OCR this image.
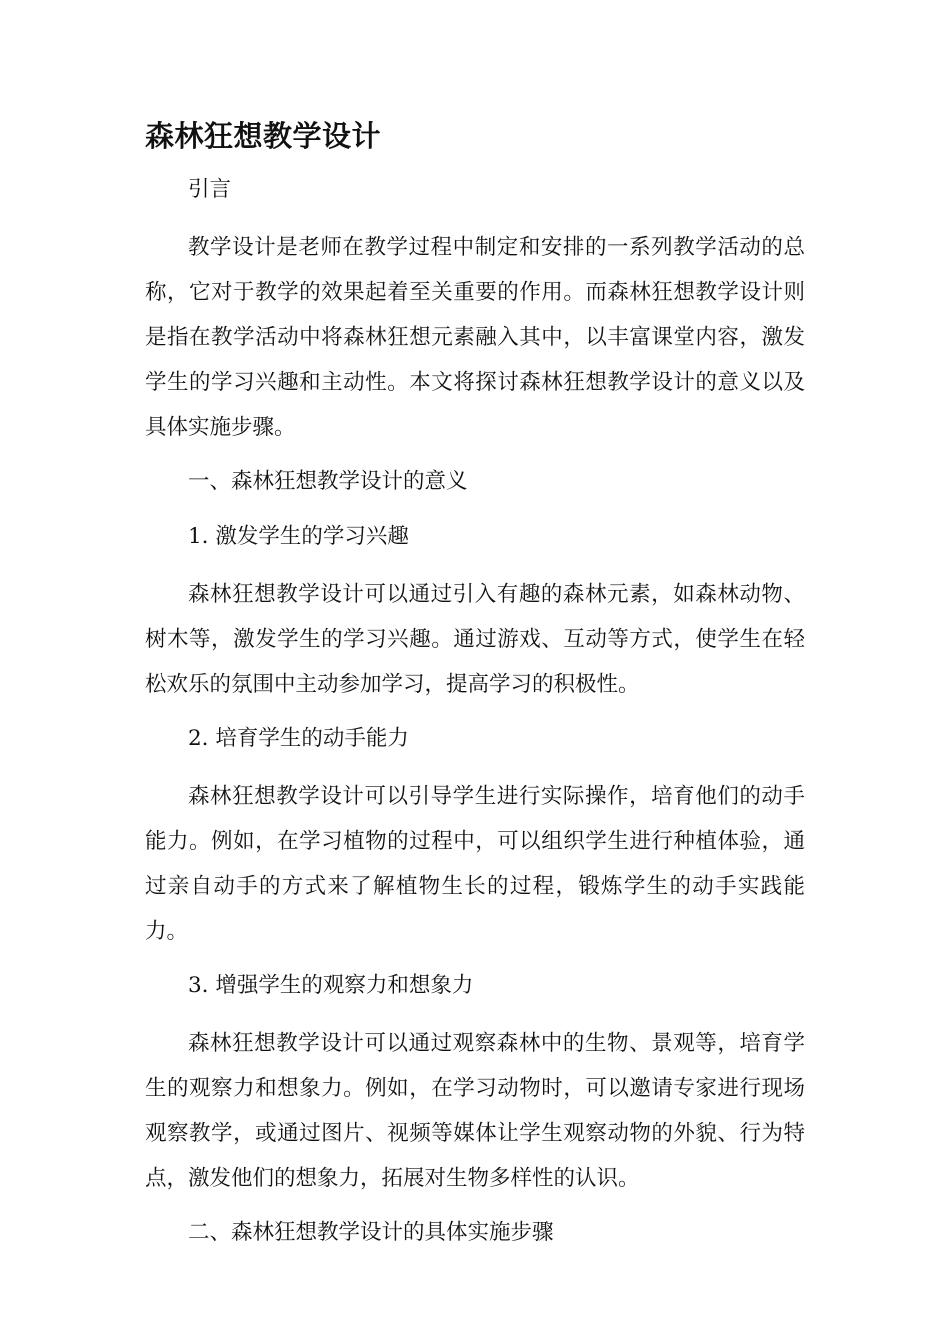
森林狂想教学设计

引言

教学设计是老师在教学过程中制定和安排的一系列教学活动的总称，它对于教学的效果起着至关重要的作用。而森林狂想教学设计则是指在教学活动中将森林狂想元素融入其中，以丰富课堂内容，激发学生的学习兴趣和主动性。本文将探讨森林狂想教学设计的意义以及具体实施步骤。

一、森林狂想教学设计的意义

1. 激发学生的学习兴趣

森林狂想教学设计可以通过引入有趣的森林元素，如森林动物、树木等，激发学生的学习兴趣。通过游戏、互动等方式，使学生在轻松欢乐的氛围中主动参加学习，提高学习的积极性。

2. 培育学生的动手能力

森林狂想教学设计可以引导学生进行实际操作，培育他们的动手能力。例如，在学习植物的过程中，可以组织学生进行种植体验，通过亲自动手的方式来了解植物生长的过程，锻炼学生的动手实践能力。

3. 增强学生的观察力和想象力

森林狂想教学设计可以通过观察森林中的生物、景观等，培育学生的观察力和想象力。例如，在学习动物时，可以邀请专家进行现场观察教学，或通过图片、视频等媒体让学生观察动物的外貌、行为特点，激发他们的想象力，拓展对生物多样性的认识。

二、森林狂想教学设计的具体实施步骤
